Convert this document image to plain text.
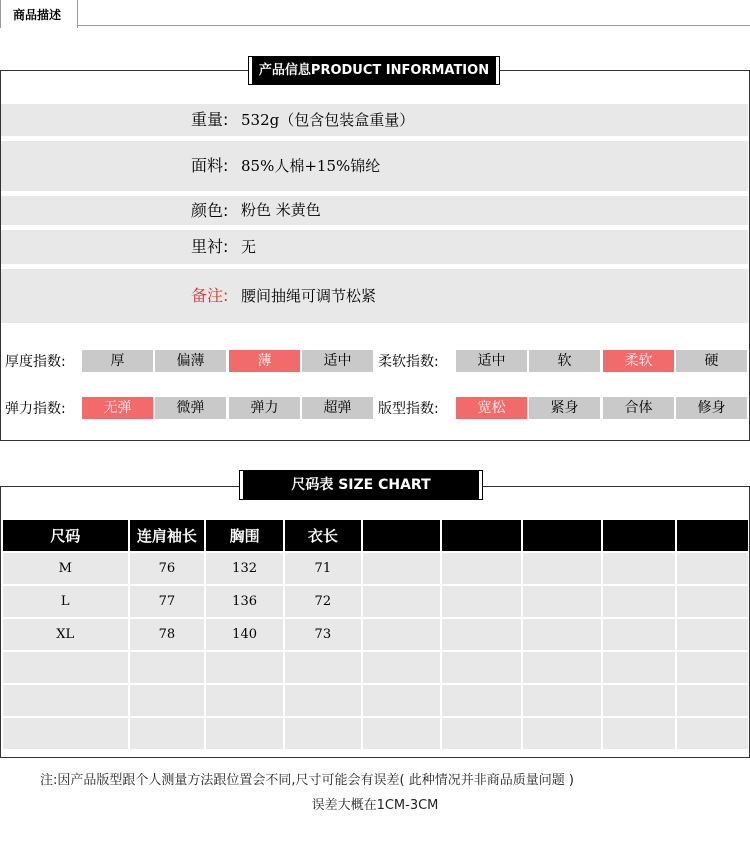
商品描述
产品信息PRODUCT INFORMATION
重量: 532g（包含包装盒重量）
面料: 85%人棉+15%锦纶
颜色: 粉色 米黄色
里衬: 无
备注: 腰间抽绳可调节松紧
厚度指数:	厚	偏薄	薄	适中	柔软指数:	适中	软	柔软	硬
弹力指数:	无弹	微弹	弹力	超弹	版型指数:	宽松	紧身	合体	修身
尺码表 SIZE CHART
尺码	连肩袖长	胸围	衣长					
M	76	132	71					
L	77	136	72					
XL	78	140	73					

注:因产品版型跟个人测量方法跟位置会不同,尺寸可能会有误差( 此种情况并非商品质量问题 )
误差大概在1CM-3CM
